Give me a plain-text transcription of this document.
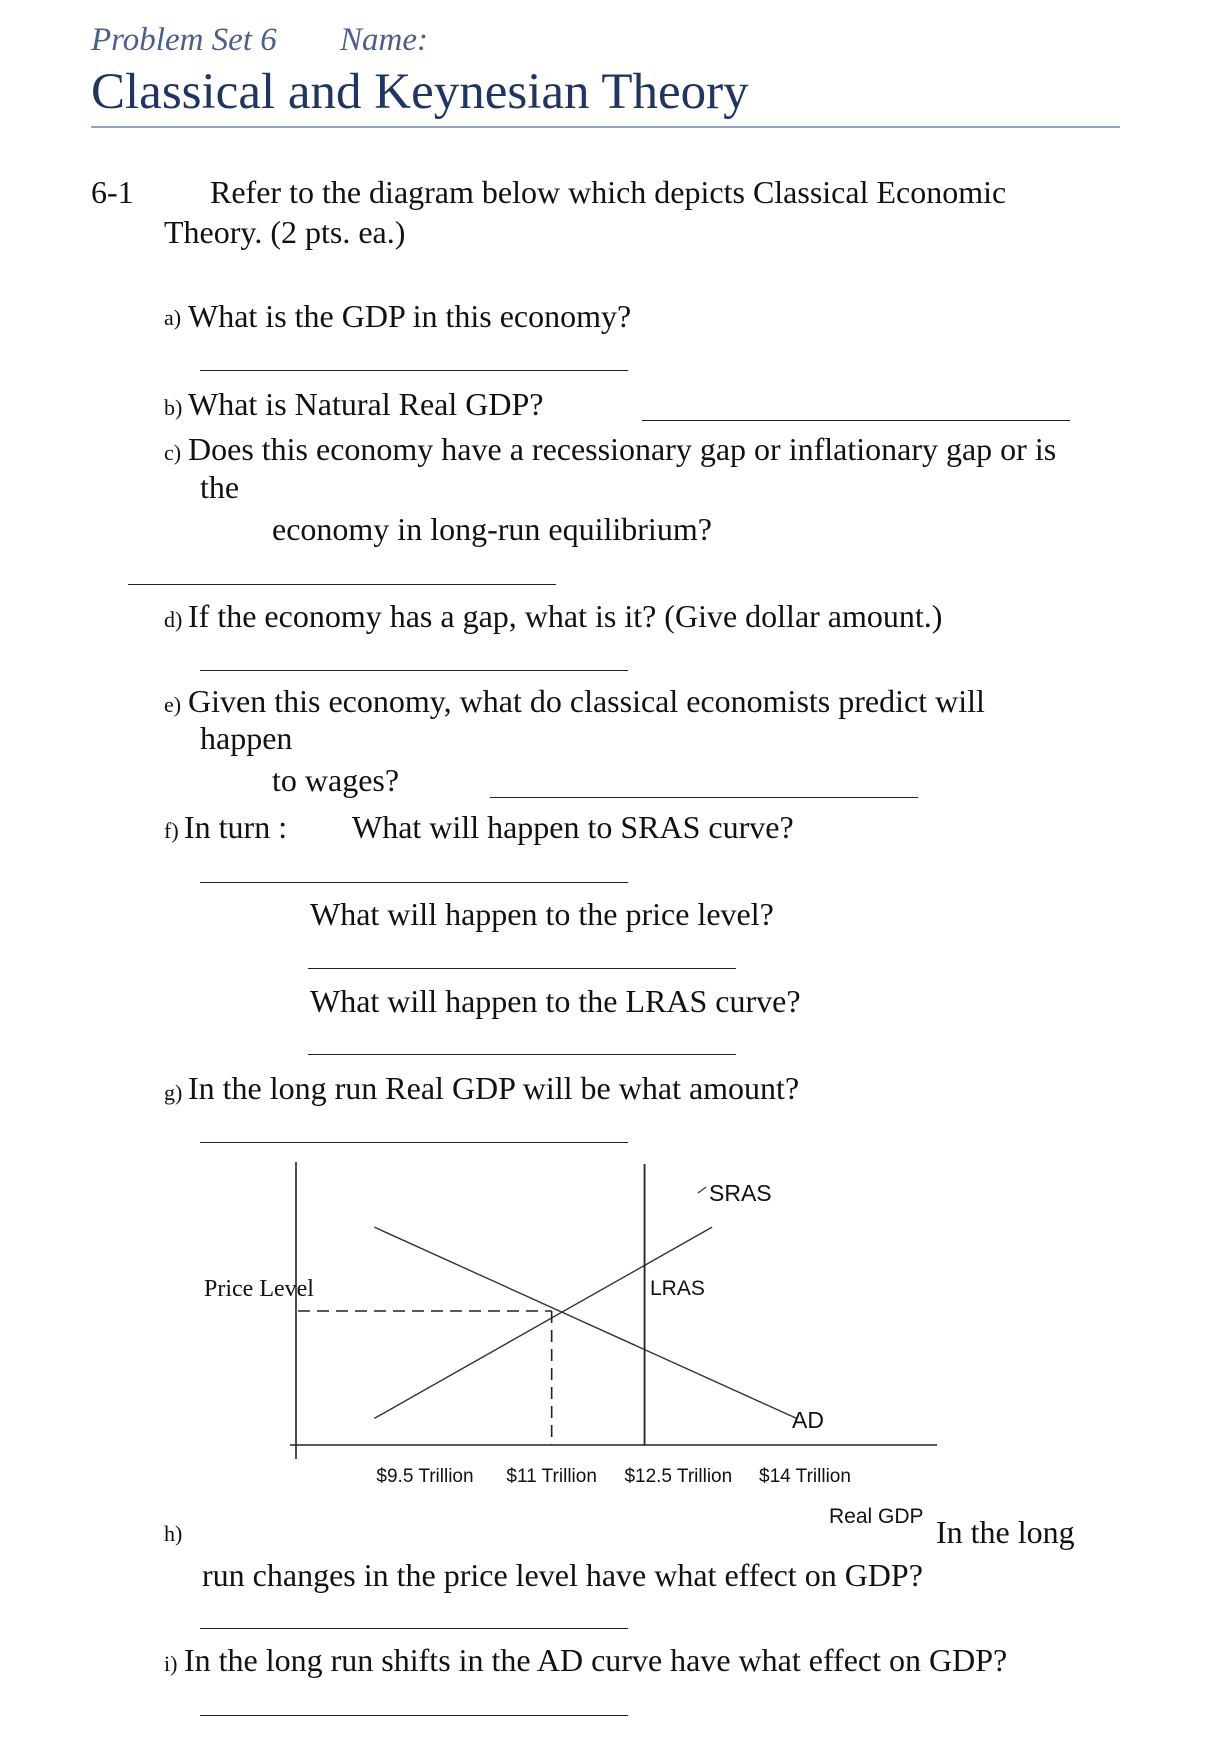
Problem Set 6 Name:
Classical and Keynesian Theory
6-1 Refer to the diagram below which depicts Classical Economic
Theory. (2 pts. ea.)
a) What is the GDP in this economy?
b) What is Natural Real GDP?
c) Does this economy have a recessionary gap or inflationary gap or is
the
economy in long-run equilibrium?
d) If the economy has a gap, what is it? (Give dollar amount.)
e) Given this economy, what do classical economists predict will
happen
to wages?
f) In turn : What will happen to SRAS curve?
What will happen to the price level?
What will happen to the LRAS curve?
g) In the long run Real GDP will be what amount?
Price Level
SRAS
LRAS
AD
$9.5 Trillion $11 Trillion $12.5 Trillion $14 Trillion
Real GDP
h)	In the long
run changes in the price level have what effect on GDP?
i) In the long run shifts in the AD curve have what effect on GDP?
